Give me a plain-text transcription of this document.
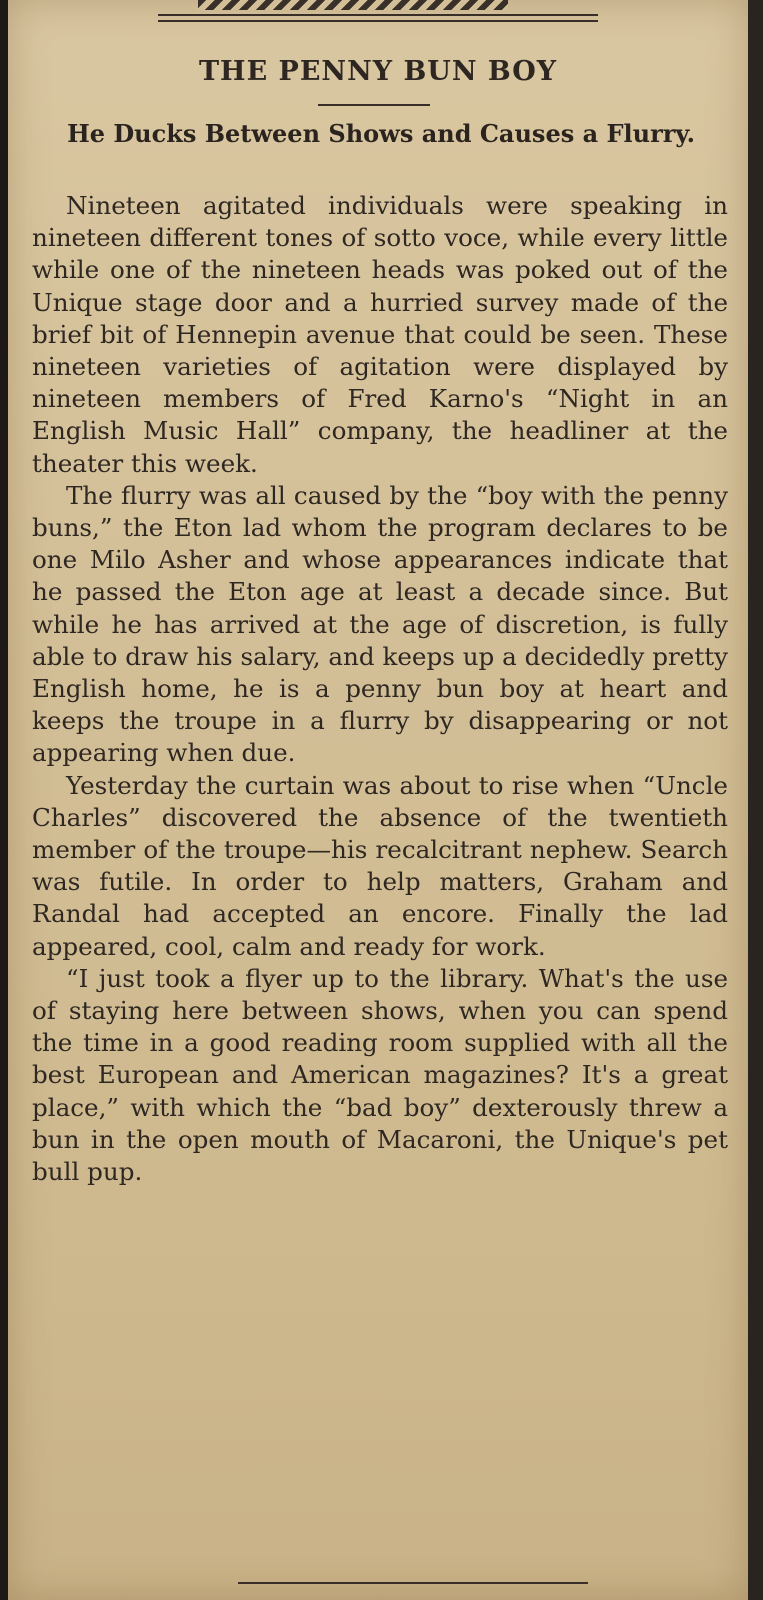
THE PENNY BUN BOY
He Ducks Between Shows and Causes a Flurry.

Nineteen agitated individuals were speaking in nineteen different tones of sotto voce, while every little while one of the nineteen heads was poked out of the Unique stage door and a hurried survey made of the brief bit of Hennepin avenue that could be seen. These nineteen varieties of agitation were displayed by nineteen members of Fred Karno's “Night in an English Music Hall” company, the headliner at the theater this week.

The flurry was all caused by the “boy with the penny buns,” the Eton lad whom the program declares to be one Milo Asher and whose appearances indicate that he passed the Eton age at least a decade since. But while he has arrived at the age of discretion, is fully able to draw his salary, and keeps up a decidedly pretty English home, he is a penny bun boy at heart and keeps the troupe in a flurry by disappearing or not appearing when due.

Yesterday the curtain was about to rise when “Uncle Charles” discovered the absence of the twentieth member of the troupe—his recalcitrant nephew. Search was futile. In order to help matters, Graham and Randal had accepted an encore. Finally the lad appeared, cool, calm and ready for work.

“I just took a flyer up to the library. What's the use of staying here between shows, when you can spend the time in a good reading room supplied with all the best European and American magazines? It's a great place,” with which the “bad boy” dexterously threw a bun in the open mouth of Macaroni, the Unique's pet bull pup.
